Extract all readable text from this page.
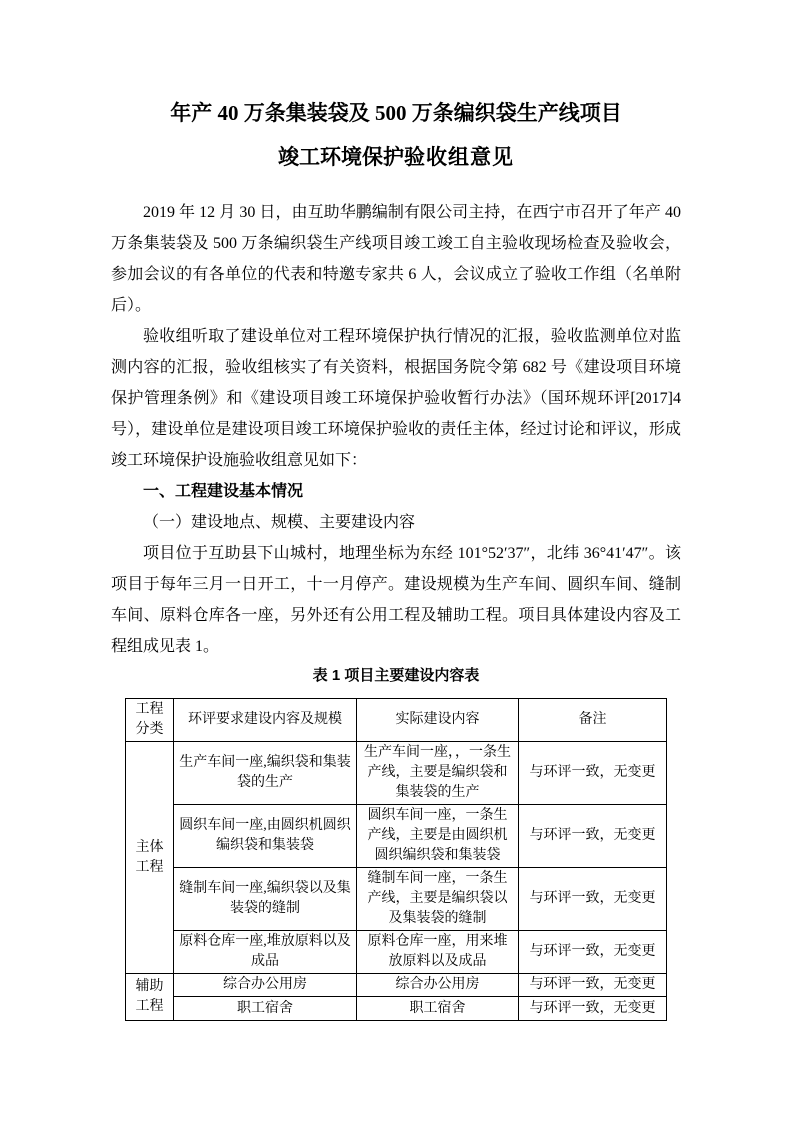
年产 40 万条集装袋及 500 万条编织袋生产线项目

竣工环境保护验收组意见

2019 年 12 月 30 日，由互助华鹏编制有限公司主持，在西宁市召开了年产 40 万条集装袋及 500 万条编织袋生产线项目竣工竣工自主验收现场检查及验收会，参加会议的有各单位的代表和特邀专家共 6 人，会议成立了验收工作组（名单附后）。

验收组听取了建设单位对工程环境保护执行情况的汇报，验收监测单位对监测内容的汇报，验收组核实了有关资料，根据国务院令第 682 号《建设项目环境保护管理条例》和《建设项目竣工环境保护验收暂行办法》（国环规环评[2017]4 号），建设单位是建设项目竣工环境保护验收的责任主体，经过讨论和评议，形成竣工环境保护设施验收组意见如下：

一、工程建设基本情况

（一）建设地点、规模、主要建设内容

项目位于互助县下山城村，地理坐标为东经 101°52′37″，北纬 36°41′47″。该项目于每年三月一日开工，十一月停产。建设规模为生产车间、圆织车间、缝制车间、原料仓库各一座，另外还有公用工程及辅助工程。项目具体建设内容及工程组成见表 1。

表 1 项目主要建设内容表

工程分类	环评要求建设内容及规模	实际建设内容	备注
主体工程	生产车间一座,编织袋和集装袋的生产	生产车间一座，，一条生产线，主要是编织袋和集装袋的生产	与环评一致，无变更
	圆织车间一座,由圆织机圆织编织袋和集装袋	圆织车间一座，一条生产线，主要是由圆织机圆织编织袋和集装袋	与环评一致，无变更
	缝制车间一座,编织袋以及集装袋的缝制	缝制车间一座，一条生产线，主要是编织袋以及集装袋的缝制	与环评一致，无变更
	原料仓库一座,堆放原料以及成品	原料仓库一座，用来堆放原料以及成品	与环评一致，无变更
辅助工程	综合办公用房	综合办公用房	与环评一致，无变更
	职工宿舍	职工宿舍	与环评一致，无变更
